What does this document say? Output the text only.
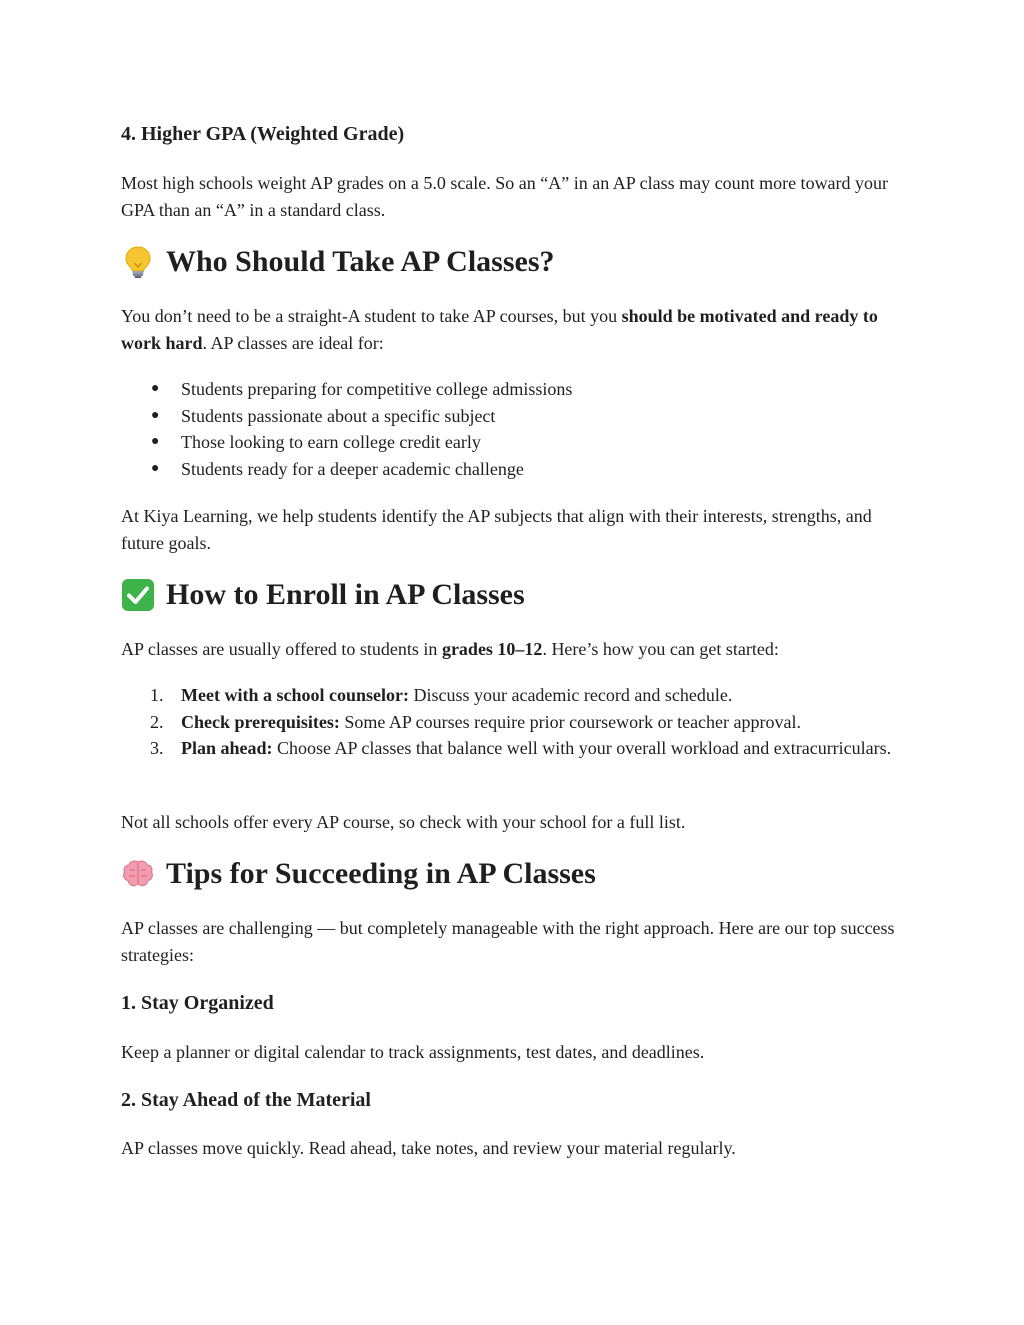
4. Higher GPA (Weighted Grade)

Most high schools weight AP grades on a 5.0 scale. So an “A” in an AP class may count more toward your GPA than an “A” in a standard class.

Who Should Take AP Classes?

You don’t need to be a straight-A student to take AP courses, but you should be motivated and ready to work hard. AP classes are ideal for:

● Students preparing for competitive college admissions
● Students passionate about a specific subject
● Those looking to earn college credit early
● Students ready for a deeper academic challenge

At Kiya Learning, we help students identify the AP subjects that align with their interests, strengths, and future goals.

How to Enroll in AP Classes

AP classes are usually offered to students in grades 10–12. Here’s how you can get started:

1. Meet with a school counselor: Discuss your academic record and schedule.
2. Check prerequisites: Some AP courses require prior coursework or teacher approval.
3. Plan ahead: Choose AP classes that balance well with your overall workload and extracurriculars.

Not all schools offer every AP course, so check with your school for a full list.

Tips for Succeeding in AP Classes

AP classes are challenging — but completely manageable with the right approach. Here are our top success strategies:

1. Stay Organized

Keep a planner or digital calendar to track assignments, test dates, and deadlines.

2. Stay Ahead of the Material

AP classes move quickly. Read ahead, take notes, and review your material regularly.
